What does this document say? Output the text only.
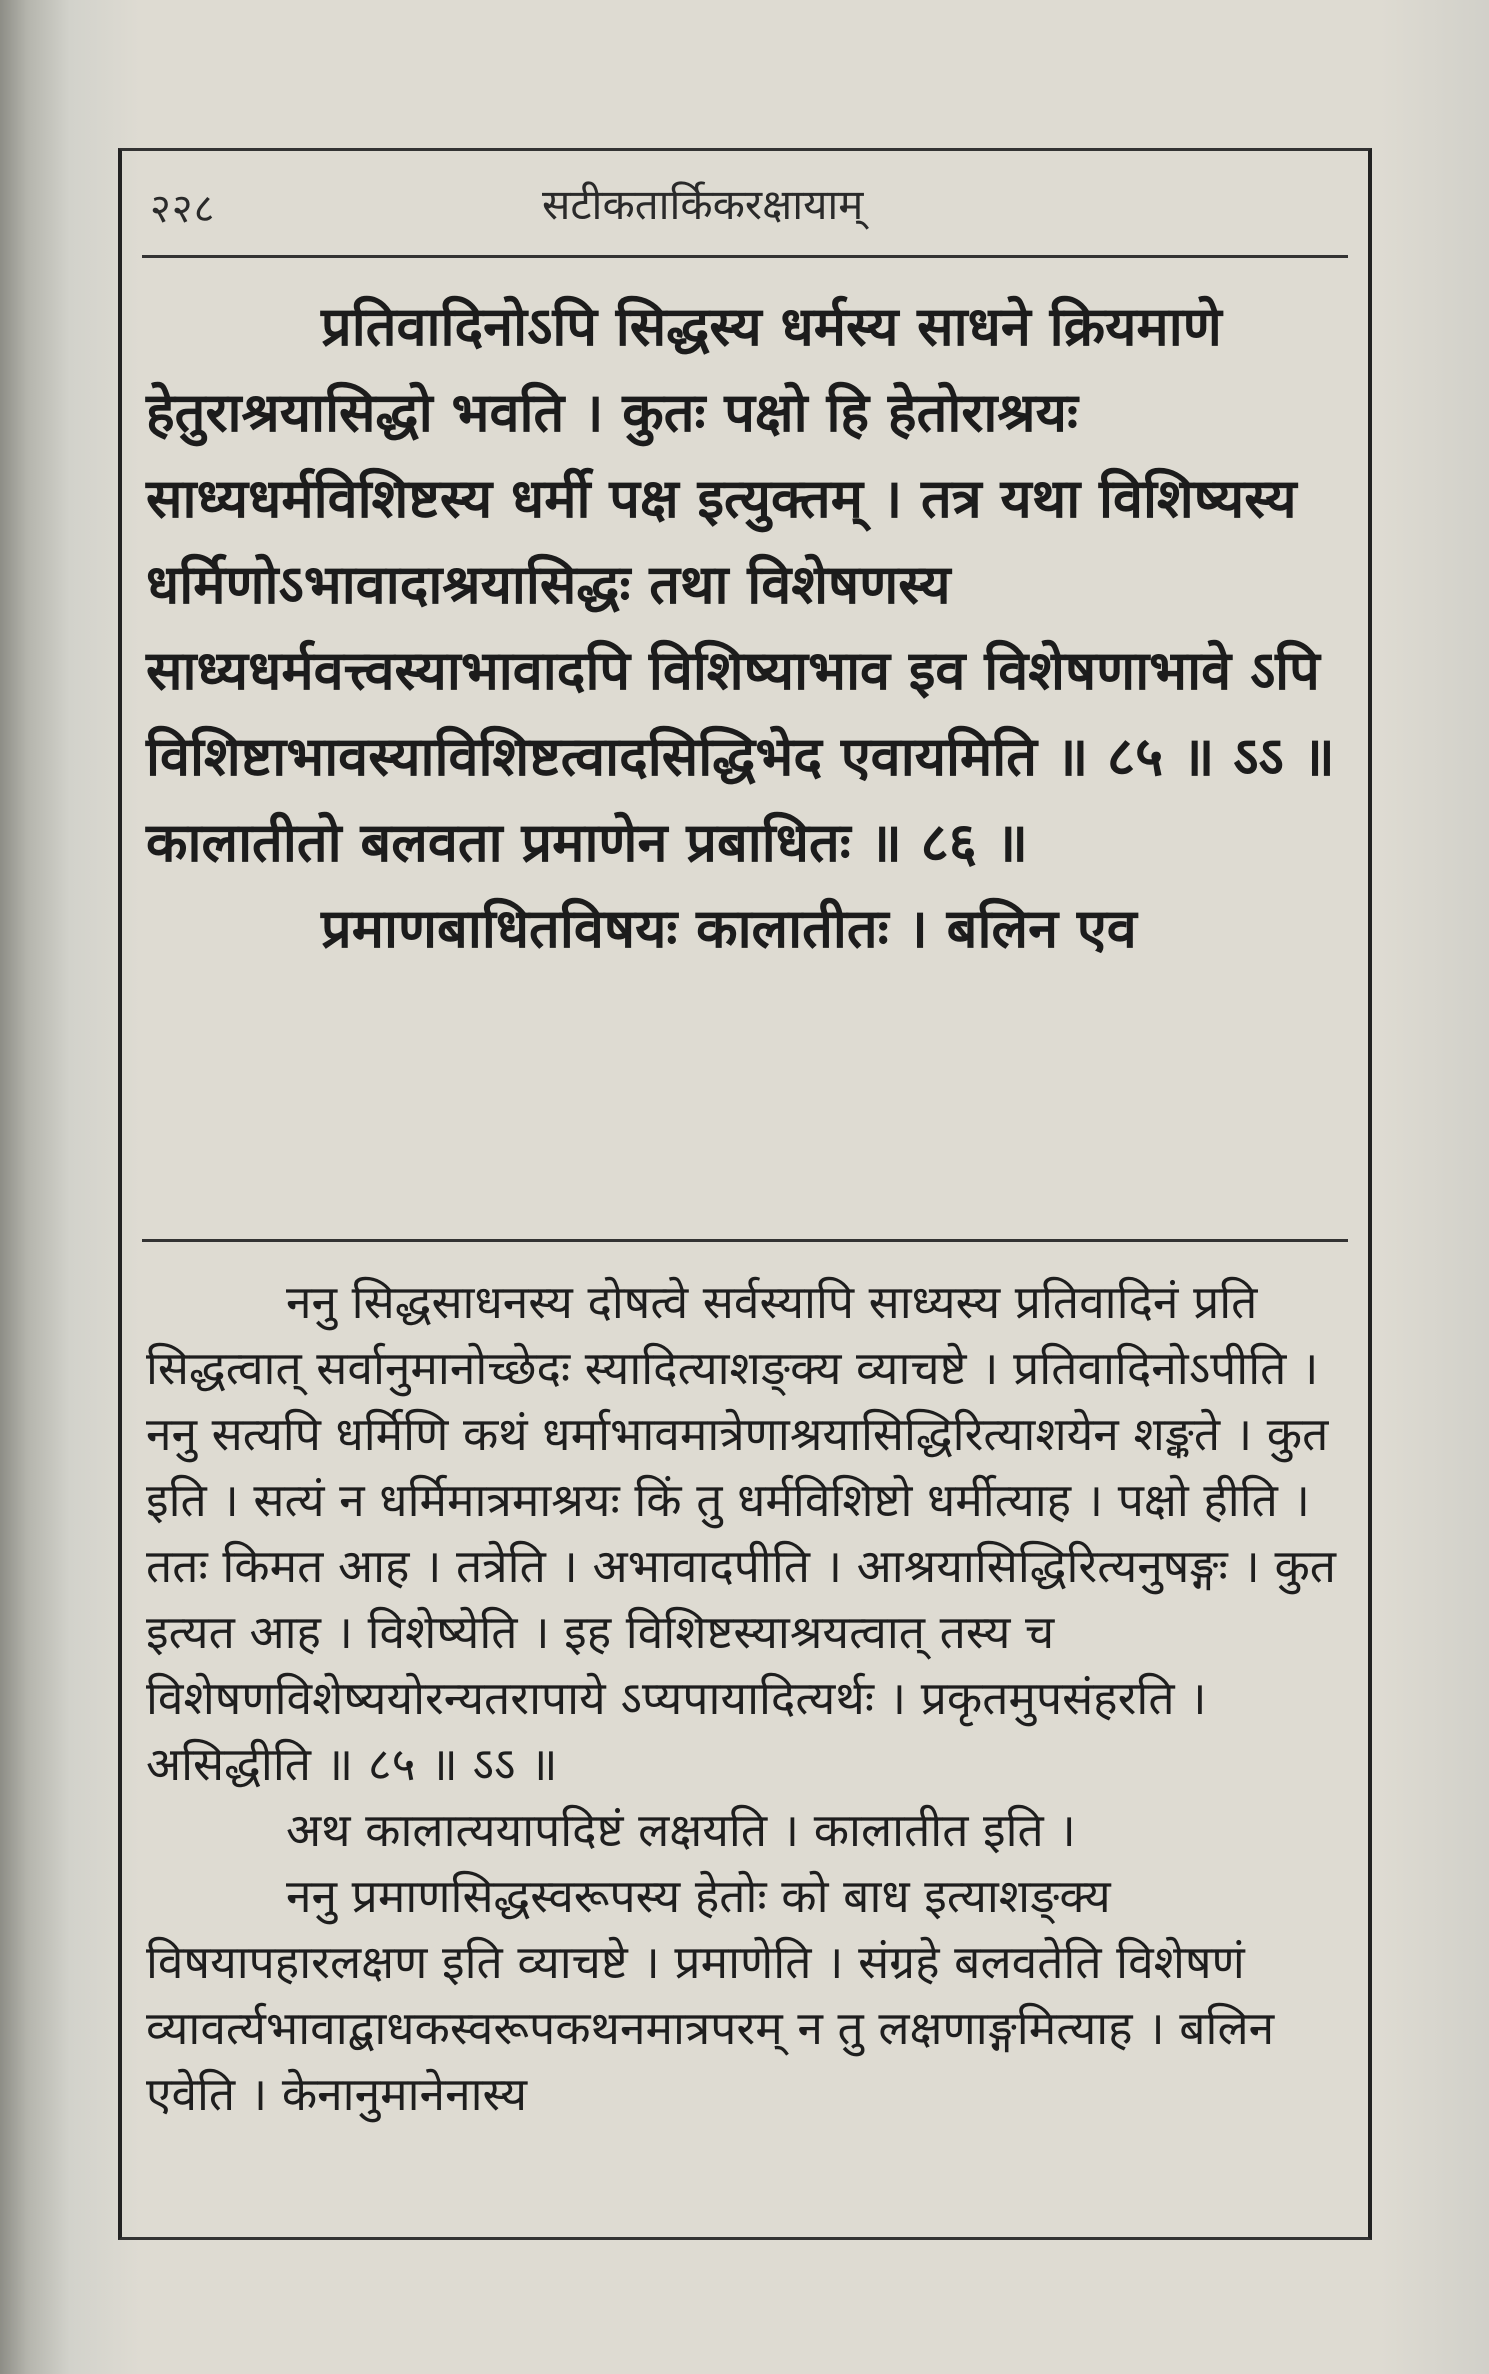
२२८	सटीकतार्किकरक्षायाम्

प्रतिवादिनोऽपि सिद्धस्य धर्मस्य साधने क्रियमाणे हेतुराश्रयासिद्धो भवति । कुतः पक्षो हि हेतोराश्रयः साध्यधर्मविशिष्टस्य धर्मी पक्ष इत्युक्तम् । तत्र यथा विशिष्यस्य धर्मिणोऽभावादाश्रयासिद्धः तथा विशेषणस्य साध्यधर्मवत्त्वस्याभावादपि विशिष्याभाव इव विशेषणाभावे ऽपि विशिष्टाभावस्याविशिष्टत्वादसिद्धिभेद एवायमिति ॥ ८५ ॥ ऽऽ ॥

कालातीतो बलवता प्रमाणेन प्रबाधितः ॥ ८६ ॥

प्रमाणबाधितविषयः कालातीतः । बलिन एव

ननु सिद्धसाधनस्य दोषत्वे सर्वस्यापि साध्यस्य प्रतिवादिनं प्रति सिद्धत्वात् सर्वानुमानोच्छेदः स्यादित्याशङ्क्य व्याचष्टे । प्रतिवादिनोऽपीति । ननु सत्यपि धर्मिणि कथं धर्माभावमात्रेणाश्रयासिद्धिरित्याशयेन शङ्कते । कुत इति । सत्यं न धर्मिमात्रमाश्रयः किं तु धर्मविशिष्टो धर्मीत्याह । पक्षो हीति । ततः किमत आह । तत्रेति । अभावादपीति । आश्रयासिद्धिरित्यनुषङ्गः । कुत इत्यत आह । विशेष्येति । इह विशिष्टस्याश्रयत्वात् तस्य च विशेषणविशेष्ययोरन्यतरापाये ऽप्यपायादित्यर्थः । प्रकृतमुपसंहरति । असिद्धीति ॥ ८५ ॥ ऽऽ ॥

अथ कालात्ययापदिष्टं लक्षयति । कालातीत इति ।

ननु प्रमाणसिद्धस्वरूपस्य हेतोः को बाध इत्याशङ्क्य विषयापहारलक्षण इति व्याचष्टे । प्रमाणेति । संग्रहे बलवतेति विशेषणं व्यावर्त्यभावाद्बाधकस्वरूपकथनमात्रपरम् न तु लक्षणाङ्गमित्याह । बलिन एवेति । केनानुमानेनास्य
